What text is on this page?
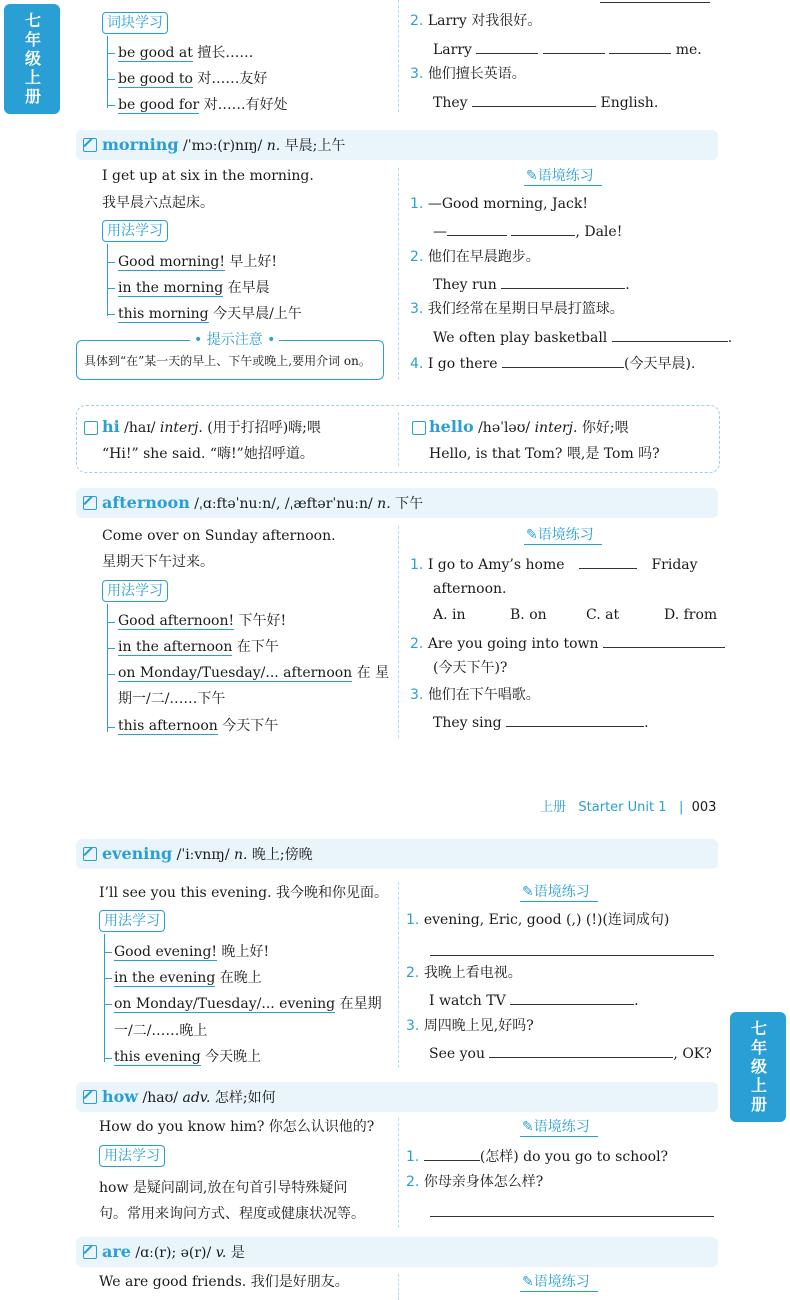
七年级上册
七年级上册
词块学习
be good at 擅长……
be good to 对……友好
be good for 对……有好处
2. Larry 对我很好。
Larry	me.
3. 他们擅长英语。
They	English.
morning /ˈmɔː(r)nɪŋ/ n. 早晨;上午
I get up at six in the morning.
我早晨六点起床。
用法学习
Good morning! 早上好!
in the morning 在早晨
this morning 今天早晨/上午
• 提示注意 •
具体到“在”某一天的早上、下午或晚上,要用介词 on。
✎语境练习
1. —Good morning, Jack!
—	, Dale!
2. 他们在早晨跑步。
They run	.
3. 我们经常在星期日早晨打篮球。
We often play basketball	.
4. I go there	(今天早晨).
hi /haɪ/ interj. (用于打招呼)嗨;喂
“Hi!” she said. “嗨!”她招呼道。
hello /həˈləʊ/ interj. 你好;喂
Hello, is that Tom? 喂,是 Tom 吗?
afternoon /ˌɑːftəˈnuːn/, /ˌæftərˈnuːn/ n. 下午
Come over on Sunday afternoon.
星期天下午过来。
用法学习
Good afternoon! 下午好!
in the afternoon 在下午
on Monday/Tuesday/... afternoon 在 星
期一/二/……下午
this afternoon 今天下午
✎语境练习
1. I go to Amy’s home	Friday
afternoon.
A. in	B. on	C. at	D. from
2. Are you going into town
(今天下午)?
3. 他们在下午唱歌。
They sing	.
上册 Starter Unit 1 | 003
evening /ˈiːvnɪŋ/ n. 晚上;傍晚
I’ll see you this evening. 我今晚和你见面。
用法学习
Good evening! 晚上好!
in the evening 在晚上
on Monday/Tuesday/... evening 在星期
一/二/……晚上
this evening 今天晚上
✎语境练习
1. evening, Eric, good (,) (!)(连词成句)
2. 我晚上看电视。
I watch TV	.
3. 周四晚上见,好吗?
See you	, OK?
how /haʊ/ adv. 怎样;如何
How do you know him? 你怎么认识他的?
用法学习
how 是疑问副词,放在句首引导特殊疑问
句。常用来询问方式、程度或健康状况等。
✎语境练习
1.	(怎样) do you go to school?
2. 你母亲身体怎么样?
are /ɑː(r); ə(r)/ v. 是
We are good friends. 我们是好朋友。	✎语境练习
